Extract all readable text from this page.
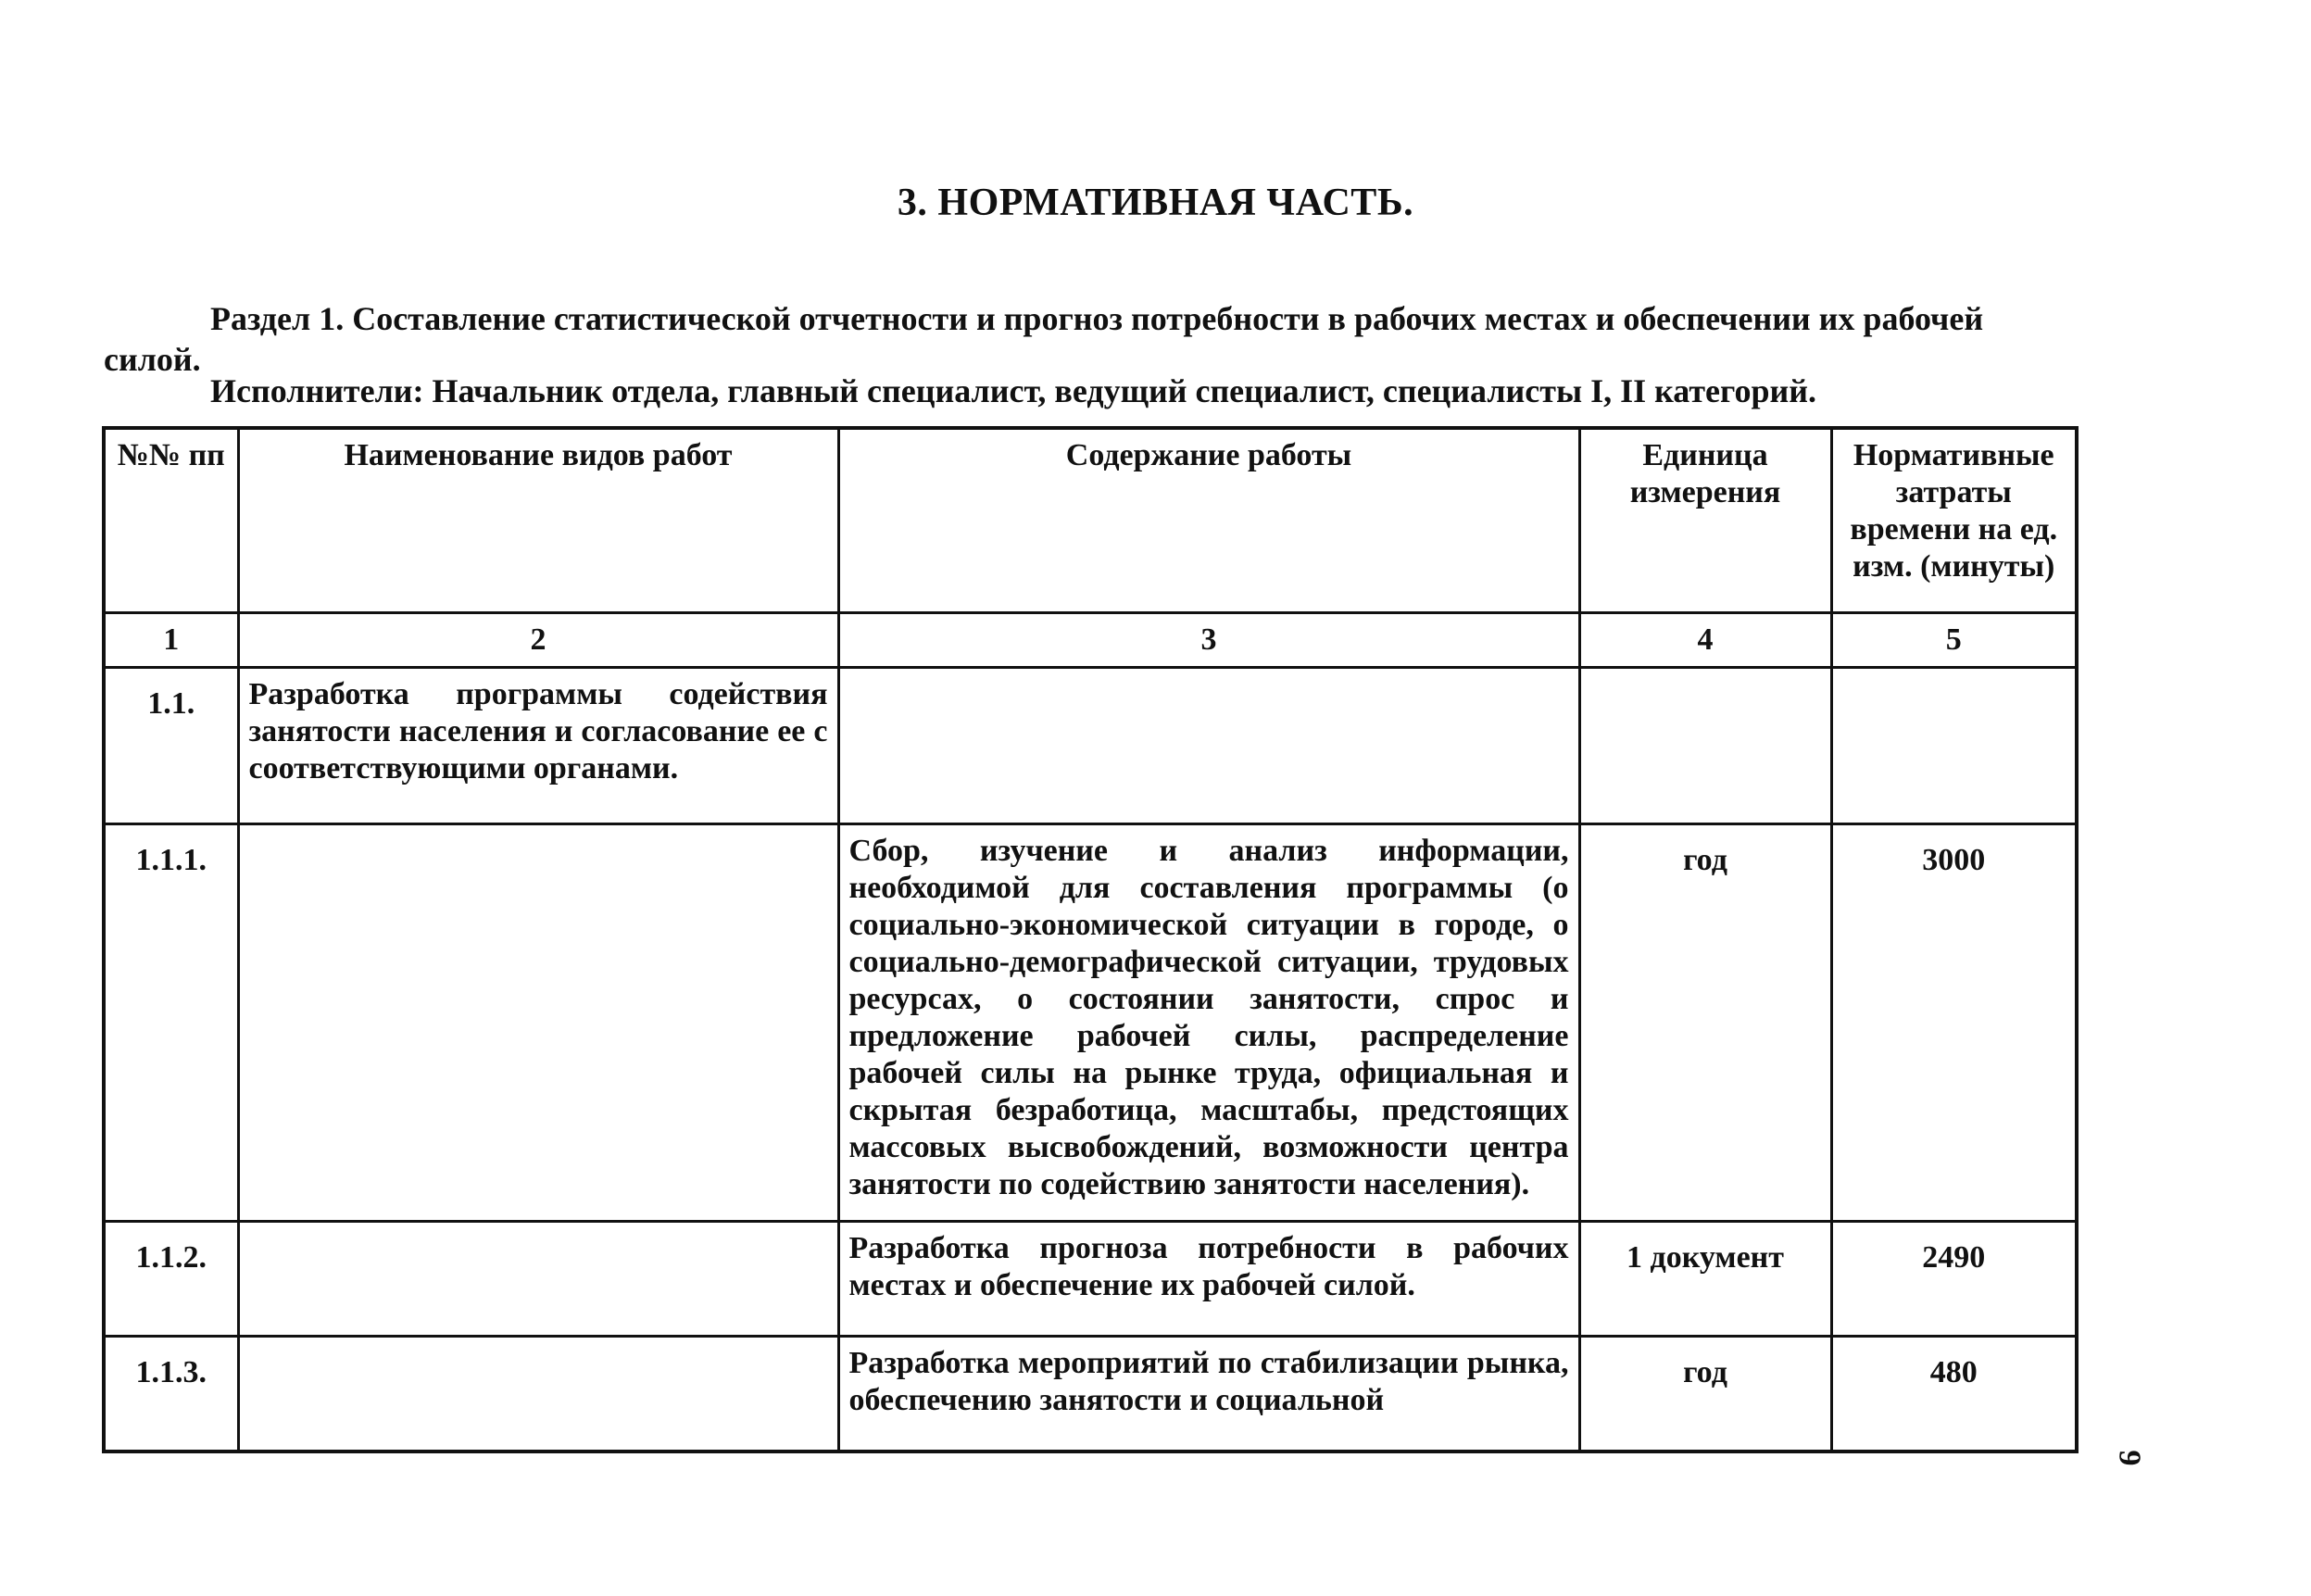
3. НОРМАТИВНАЯ ЧАСТЬ.
Раздел 1. Составление статистической отчетности и прогноз потребности в рабочих местах и обеспечении их рабочей силой.
Исполнители: Начальник отдела, главный специалист, ведущий специалист, специалисты I, II категорий.
№№ пп	Наименование видов работ	Содержание работы	Единица измерения	Нормативные затраты времени на ед. изм. (минуты)
1	2	3	4	5
1.1.	Разработка программы содействия занятости населения и согласование ее с соответствующими органами.			
1.1.1.		Сбор, изучение и анализ информации, необходимой для составления программы (о социально-экономической ситуации в городе, о социально-демографической ситуации, трудовых ресурсах, о состоянии занятости, спрос и предложение рабочей силы, распределение рабочей силы на рынке труда, официальная и скрытая безработица, масштабы, предстоящих массовых высвобождений, возможности центра занятости по содействию занятости населения).	год	3000
1.1.2.		Разработка прогноза потребности в рабочих местах и обеспечение их рабочей силой.	1 документ	2490
1.1.3.		Разработка мероприятий по стабилизации рынка, обеспечению занятости и социальной	год	480
9
